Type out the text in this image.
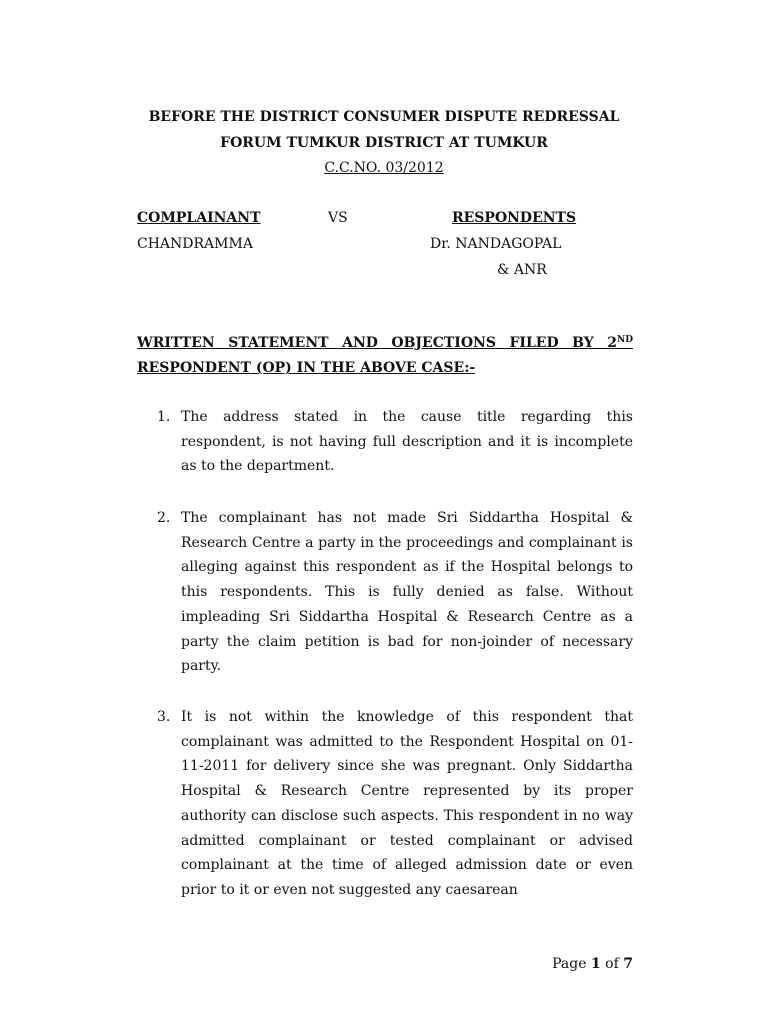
BEFORE THE DISTRICT CONSUMER DISPUTE REDRESSAL
FORUM TUMKUR DISTRICT AT TUMKUR
C.C.NO. 03/2012
COMPLAINANT	VS	RESPONDENTS
CHANDRAMMA	Dr. NANDAGOPAL
& ANR
WRITTEN STATEMENT AND OBJECTIONS FILED BY 2ND
RESPONDENT (OP) IN THE ABOVE CASE:-
1. The address stated in the cause title regarding this respondent, is not having full description and it is incomplete as to the department.

2. The complainant has not made Sri Siddartha Hospital & Research Centre a party in the proceedings and complainant is alleging against this respondent as if the Hospital belongs to this respondents. This is fully denied as false. Without impleading Sri Siddartha Hospital & Research Centre as a party the claim petition is bad for non-joinder of necessary party.

3. It is not within the knowledge of this respondent that complainant was admitted to the Respondent Hospital on 01-11-2011 for delivery since she was pregnant. Only Siddartha Hospital & Research Centre represented by its proper authority can disclose such aspects. This respondent in no way admitted complainant or tested complainant or advised complainant at the time of alleged admission date or even prior to it or even not suggested any caesarean

Page 1 of 7
